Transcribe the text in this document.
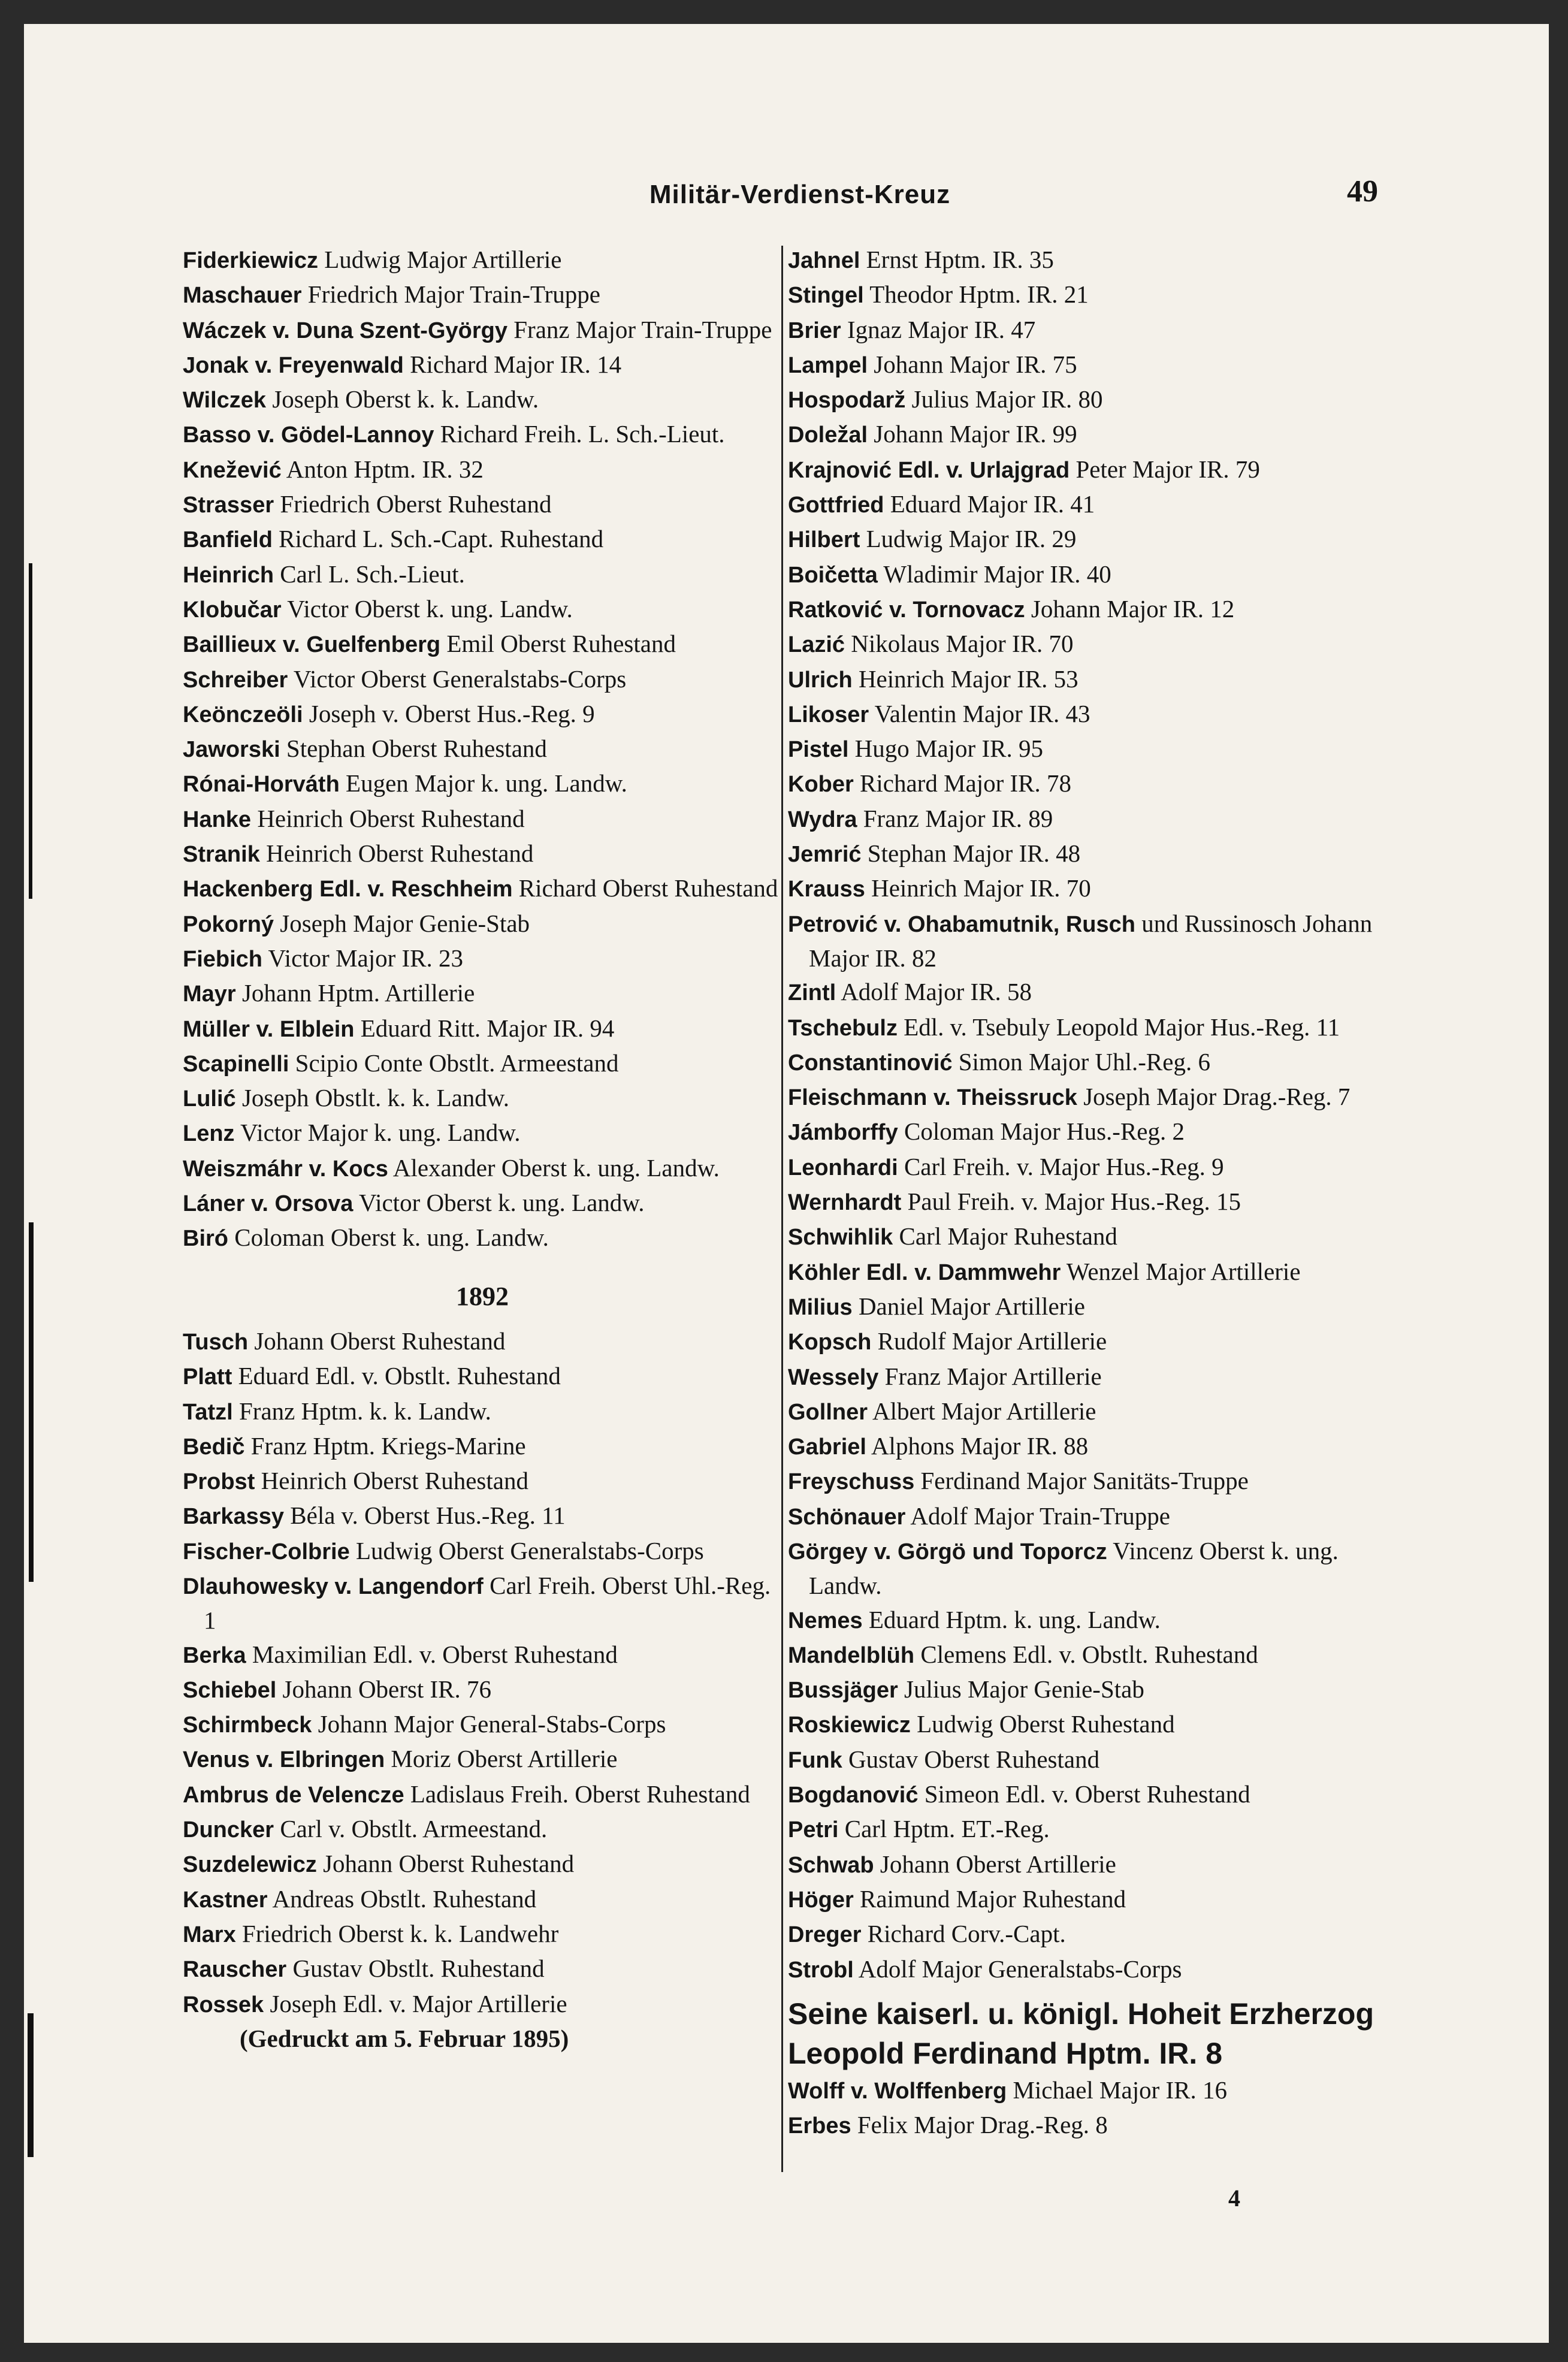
Militär-Verdienst-Kreuz	49
Fiderkiewicz Ludwig Major Artillerie
Maschauer Friedrich Major Train-Truppe
Wáczek v. Duna Szent-György Franz Major Train-Truppe
Jonak v. Freyenwald Richard Major IR. 14
Wilczek Joseph Oberst k. k. Landw.
Basso v. Gödel-Lannoy Richard Freih. L. Sch.-Lieut.
Knežević Anton Hptm. IR. 32
Strasser Friedrich Oberst Ruhestand
Banfield Richard L. Sch.-Capt. Ruhestand
Heinrich Carl L. Sch.-Lieut.
Klobučar Victor Oberst k. ung. Landw.
Baillieux v. Guelfenberg Emil Oberst Ruhestand
Schreiber Victor Oberst Generalstabs-Corps
Keönczeöli Joseph v. Oberst Hus.-Reg. 9
Jaworski Stephan Oberst Ruhestand
Rónai-Horváth Eugen Major k. ung. Landw.
Hanke Heinrich Oberst Ruhestand
Stranik Heinrich Oberst Ruhestand
Hackenberg Edl. v. Reschheim Richard Oberst Ruhestand
Pokorný Joseph Major Genie-Stab
Fiebich Victor Major IR. 23
Mayr Johann Hptm. Artillerie
Müller v. Elblein Eduard Ritt. Major IR. 94
Scapinelli Scipio Conte Obstlt. Armeestand
Lulić Joseph Obstlt. k. k. Landw.
Lenz Victor Major k. ung. Landw.
Weiszmáhr v. Kocs Alexander Oberst k. ung. Landw.
Láner v. Orsova Victor Oberst k. ung. Landw.
Biró Coloman Oberst k. ung. Landw.
1892
Tusch Johann Oberst Ruhestand
Platt Eduard Edl. v. Obstlt. Ruhestand
Tatzl Franz Hptm. k. k. Landw.
Bedič Franz Hptm. Kriegs-Marine
Probst Heinrich Oberst Ruhestand
Barkassy Béla v. Oberst Hus.-Reg. 11
Fischer-Colbrie Ludwig Oberst Generalstabs-Corps
Dlauhowesky v. Langendorf Carl Freih. Oberst Uhl.-Reg. 1
Berka Maximilian Edl. v. Oberst Ruhestand
Schiebel Johann Oberst IR. 76
Schirmbeck Johann Major General-Stabs-Corps
Venus v. Elbringen Moriz Oberst Artillerie
Ambrus de Velencze Ladislaus Freih. Oberst Ruhestand
Duncker Carl v. Obstlt. Armeestand.
Suzdelewicz Johann Oberst Ruhestand
Kastner Andreas Obstlt. Ruhestand
Marx Friedrich Oberst k. k. Landwehr
Rauscher Gustav Obstlt. Ruhestand
Rossek Joseph Edl. v. Major Artillerie
(Gedruckt am 5. Februar 1895)
Jahnel Ernst Hptm. IR. 35
Stingel Theodor Hptm. IR. 21
Brier Ignaz Major IR. 47
Lampel Johann Major IR. 75
Hospodarž Julius Major IR. 80
Doležal Johann Major IR. 99
Krajnović Edl. v. Urlajgrad Peter Major IR. 79
Gottfried Eduard Major IR. 41
Hilbert Ludwig Major IR. 29
Boičetta Wladimir Major IR. 40
Ratković v. Tornovacz Johann Major IR. 12
Lazić Nikolaus Major IR. 70
Ulrich Heinrich Major IR. 53
Likoser Valentin Major IR. 43
Pistel Hugo Major IR. 95
Kober Richard Major IR. 78
Wydra Franz Major IR. 89
Jemrić Stephan Major IR. 48
Krauss Heinrich Major IR. 70
Petrović v. Ohabamutnik, Rusch und Russinosch Johann Major IR. 82
Zintl Adolf Major IR. 58
Tschebulz Edl. v. Tsebuly Leopold Major Hus.-Reg. 11
Constantinović Simon Major Uhl.-Reg. 6
Fleischmann v. Theissruck Joseph Major Drag.-Reg. 7
Jámborffy Coloman Major Hus.-Reg. 2
Leonhardi Carl Freih. v. Major Hus.-Reg. 9
Wernhardt Paul Freih. v. Major Hus.-Reg. 15
Schwihlik Carl Major Ruhestand
Köhler Edl. v. Dammwehr Wenzel Major Artillerie
Milius Daniel Major Artillerie
Kopsch Rudolf Major Artillerie
Wessely Franz Major Artillerie
Gollner Albert Major Artillerie
Gabriel Alphons Major IR. 88
Freyschuss Ferdinand Major Sanitäts-Truppe
Schönauer Adolf Major Train-Truppe
Görgey v. Görgö und Toporcz Vincenz Oberst k. ung. Landw.
Nemes Eduard Hptm. k. ung. Landw.
Mandelblüh Clemens Edl. v. Obstlt. Ruhestand
Bussjäger Julius Major Genie-Stab
Roskiewicz Ludwig Oberst Ruhestand
Funk Gustav Oberst Ruhestand
Bogdanović Simeon Edl. v. Oberst Ruhestand
Petri Carl Hptm. ET.-Reg.
Schwab Johann Oberst Artillerie
Höger Raimund Major Ruhestand
Dreger Richard Corv.-Capt.
Strobl Adolf Major Generalstabs-Corps
Seine kaiserl. u. königl. Hoheit Erzherzog Leopold Ferdinand Hptm. IR. 8
Wolff v. Wolffenberg Michael Major IR. 16
Erbes Felix Major Drag.-Reg. 8
4
